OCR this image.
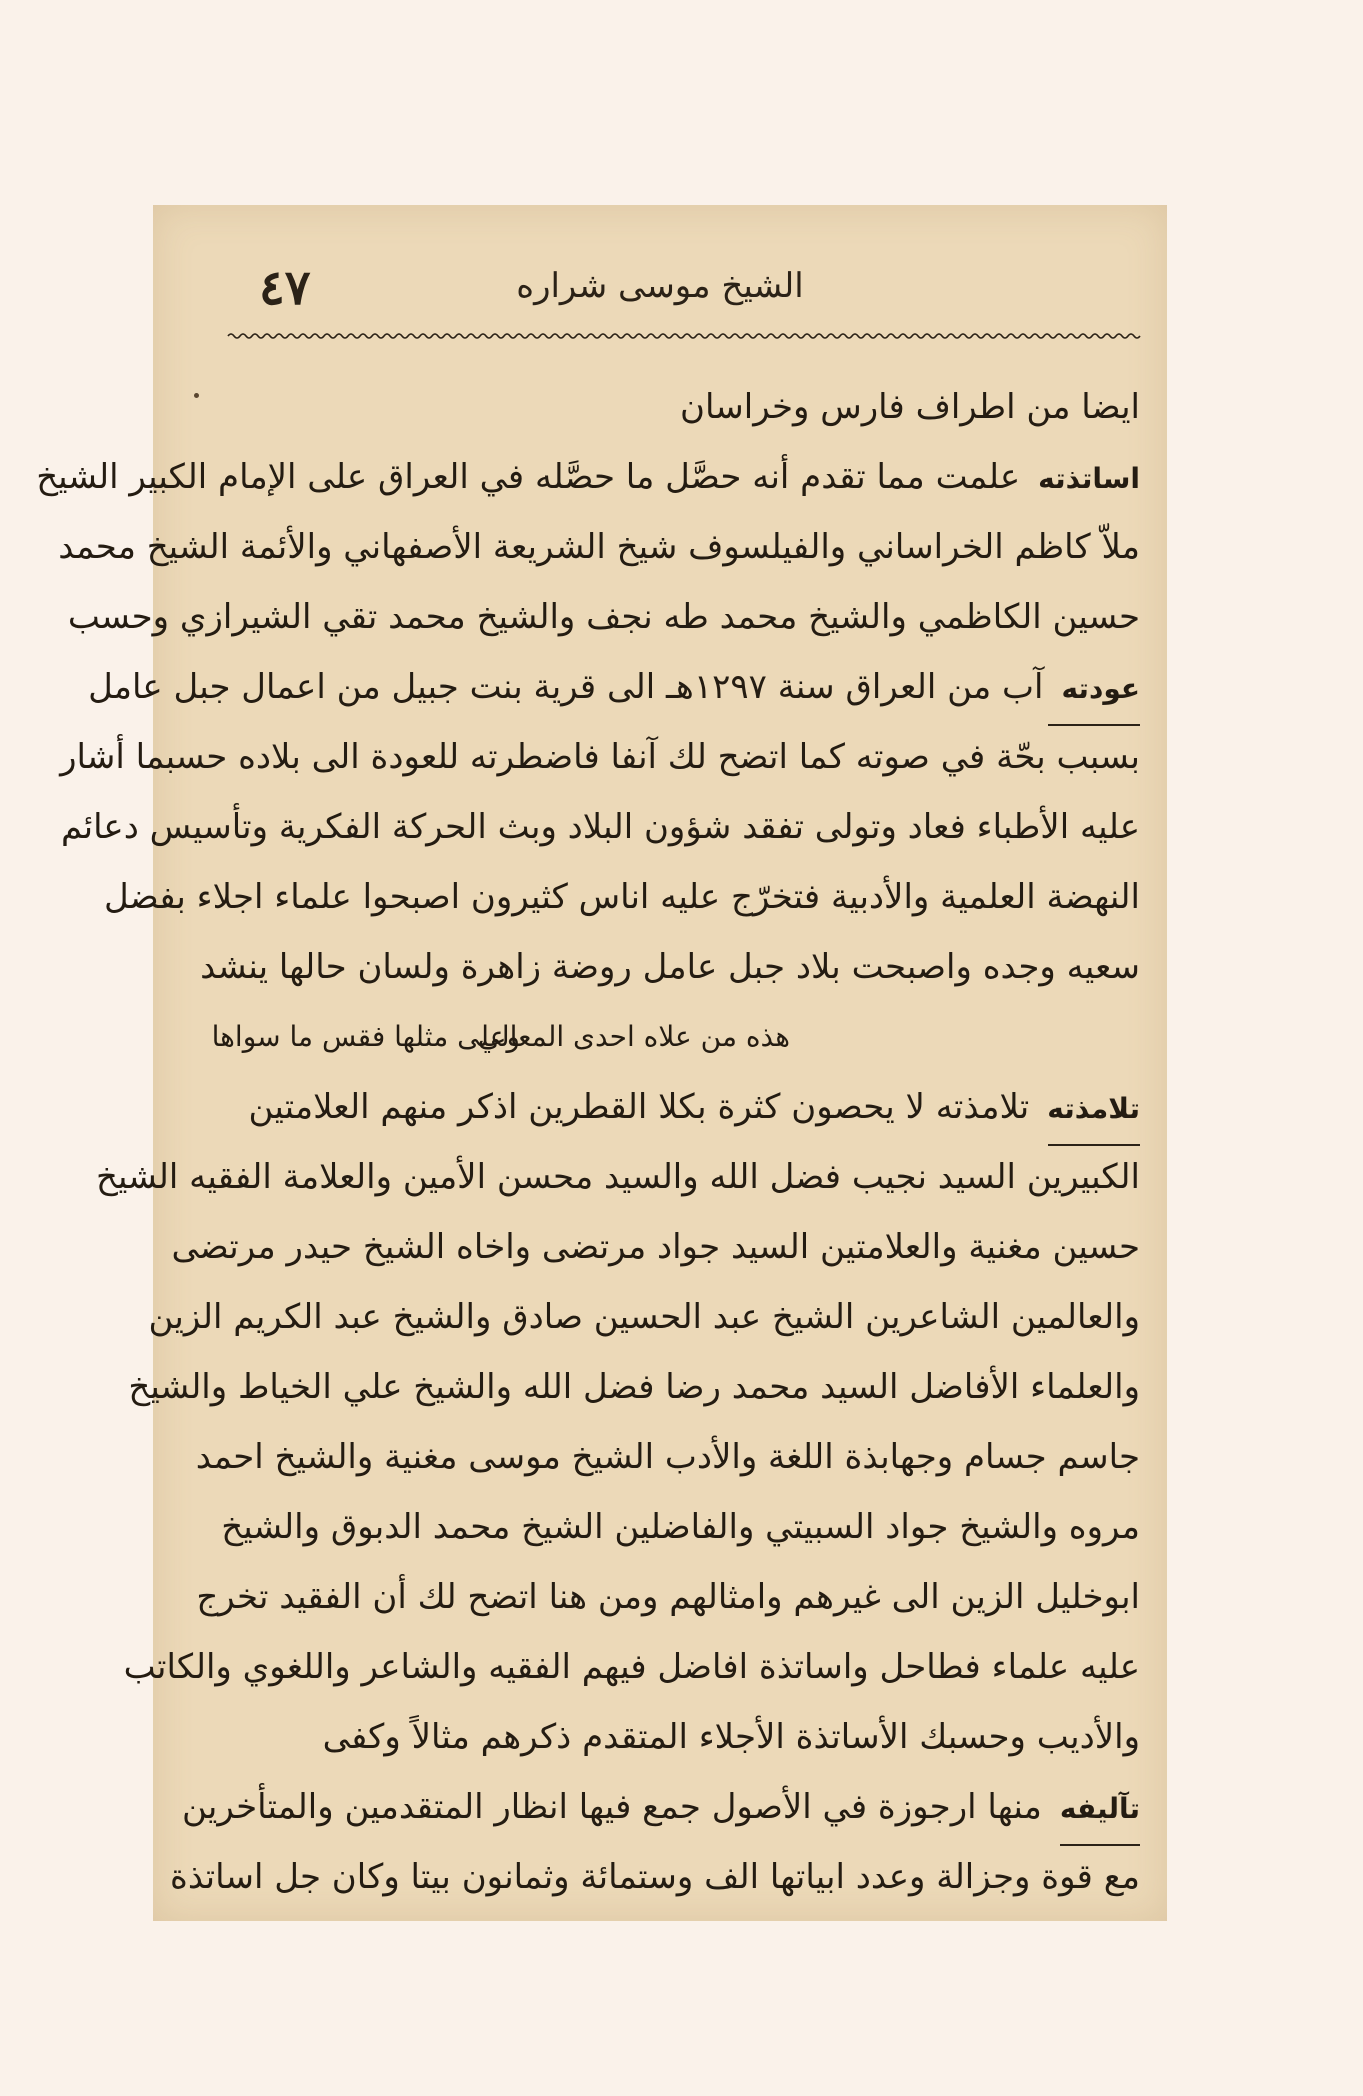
٤٧	الشيخ موسى شراره
ايضا من اطراف فارس وخراسان
اساتذتهعلمت مما تقدم أنه حصَّل ما حصَّله في العراق على الإمام الكبير الشيخ
ملاّ كاظم الخراساني والفيلسوف شيخ الشريعة الأصفهاني والأئمة الشيخ محمد
حسين الكاظمي والشيخ محمد طه نجف والشيخ محمد تقي الشيرازي وحسب
عودتهآب من العراق سنة ١٢٩٧هـ الى قرية بنت جبيل من اعمال جبل عامل
بسبب بحّة في صوته كما اتضح لك آنفا فاضطرته للعودة الى بلاده حسبما أشار
عليه الأطباء فعاد وتولى تفقد شؤون البلاد وبث الحركة الفكرية وتأسيس دعائم
النهضة العلمية والأدبية فتخرّج عليه اناس كثيرون اصبحوا علماء اجلاء بفضل
سعيه وجده واصبحت بلاد جبل عامل روضة زاهرة ولسان حالها ينشد
هذه من علاه احدى المعالي
وعلى مثلها فقس ما سواها
تلامذتهتلامذته لا يحصون كثرة بكلا القطرين اذكر منهم العلامتين
الكبيرين السيد نجيب فضل الله والسيد محسن الأمين والعلامة الفقيه الشيخ
حسين مغنية والعلامتين السيد جواد مرتضى واخاه الشيخ حيدر مرتضى
والعالمين الشاعرين الشيخ عبد الحسين صادق والشيخ عبد الكريم الزين
والعلماء الأفاضل السيد محمد رضا فضل الله والشيخ علي الخياط والشيخ
جاسم جسام وجهابذة اللغة والأدب الشيخ موسى مغنية والشيخ احمد
مروه والشيخ جواد السبيتي والفاضلين الشيخ محمد الدبوق والشيخ
ابوخليل الزين الى غيرهم وامثالهم ومن هنا اتضح لك أن الفقيد تخرج
عليه علماء فطاحل واساتذة افاضل فيهم الفقيه والشاعر واللغوي والكاتب
والأديب وحسبك الأساتذة الأجلاء المتقدم ذكرهم مثالاً وكفى
تآليفهمنها ارجوزة في الأصول جمع فيها انظار المتقدمين والمتأخرين
مع قوة وجزالة وعدد ابياتها الف وستمائة وثمانون بيتا وكان جل اساتذة
